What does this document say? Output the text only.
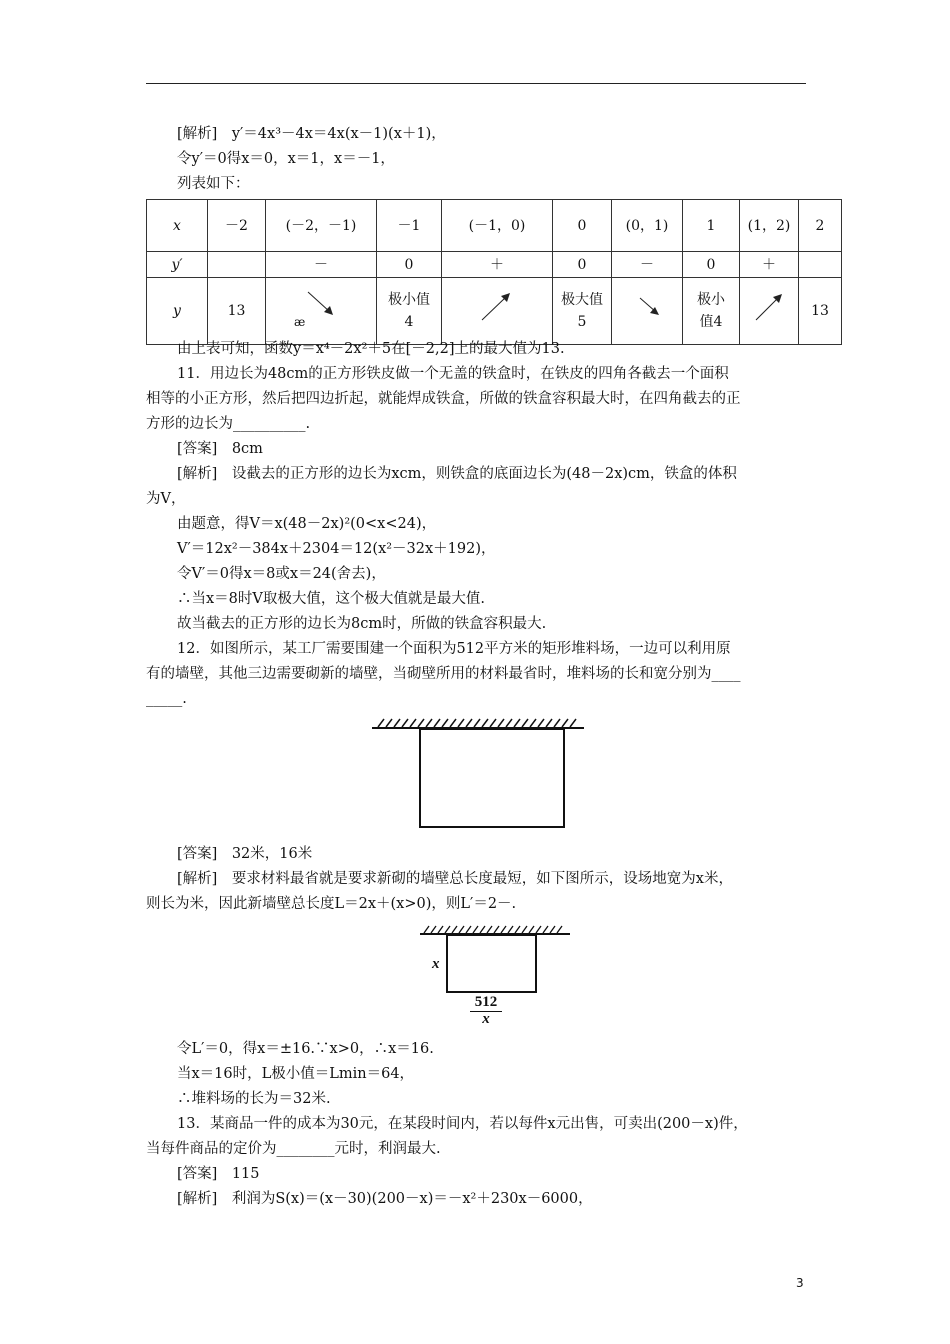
[解析]　y′＝4x³－4x＝4x(x－1)(x＋1)，
令y′＝0得x＝0，x＝1，x＝－1，
列表如下：
x	－2	(－2，－1)	－1	(－1，0)	0	(0，1)	1	(1，2)	2
y′		－	0	＋	0	－	0	＋	
y	13	æ	极小值4		极大值5		极小值4		13
由上表可知，函数y＝x⁴－2x²＋5在[－2,2]上的最大值为13.
11．用边长为48cm的正方形铁皮做一个无盖的铁盒时，在铁皮的四角各截去一个面积
相等的小正方形，然后把四边折起，就能焊成铁盒，所做的铁盒容积最大时，在四角截去的正
方形的边长为__________.
[答案]　8cm
[解析]　设截去的正方形的边长为xcm，则铁盒的底面边长为(48－2x)cm，铁盒的体积
为V，
由题意，得V＝x(48－2x)²(0<x<24)，
V′＝12x²－384x＋2304＝12(x²－32x＋192)，
令V′＝0得x＝8或x＝24(舍去)，
∴当x＝8时V取极大值，这个极大值就是最大值.
故当截去的正方形的边长为8cm时，所做的铁盒容积最大.
12．如图所示，某工厂需要围建一个面积为512平方米的矩形堆料场，一边可以利用原
有的墙壁，其他三边需要砌新的墙壁，当砌壁所用的材料最省时，堆料场的长和宽分别为____
_____.
[答案]　32米，16米
[解析]　要求材料最省就是要求新砌的墙壁总长度最短，如下图所示，设场地宽为x米，
则长为米，因此新墙壁总长度L＝2x＋(x>0)，则L′＝2－.
x
512
x
令L′＝0，得x＝±16.∵x>0，∴x＝16.
当x＝16时，L极小值＝Lmin＝64，
∴堆料场的长为＝32米.
13．某商品一件的成本为30元，在某段时间内，若以每件x元出售，可卖出(200－x)件，
当每件商品的定价为________元时，利润最大.
[答案]　115
[解析]　利润为S(x)＝(x－30)(200－x)＝－x²＋230x－6000，
3
